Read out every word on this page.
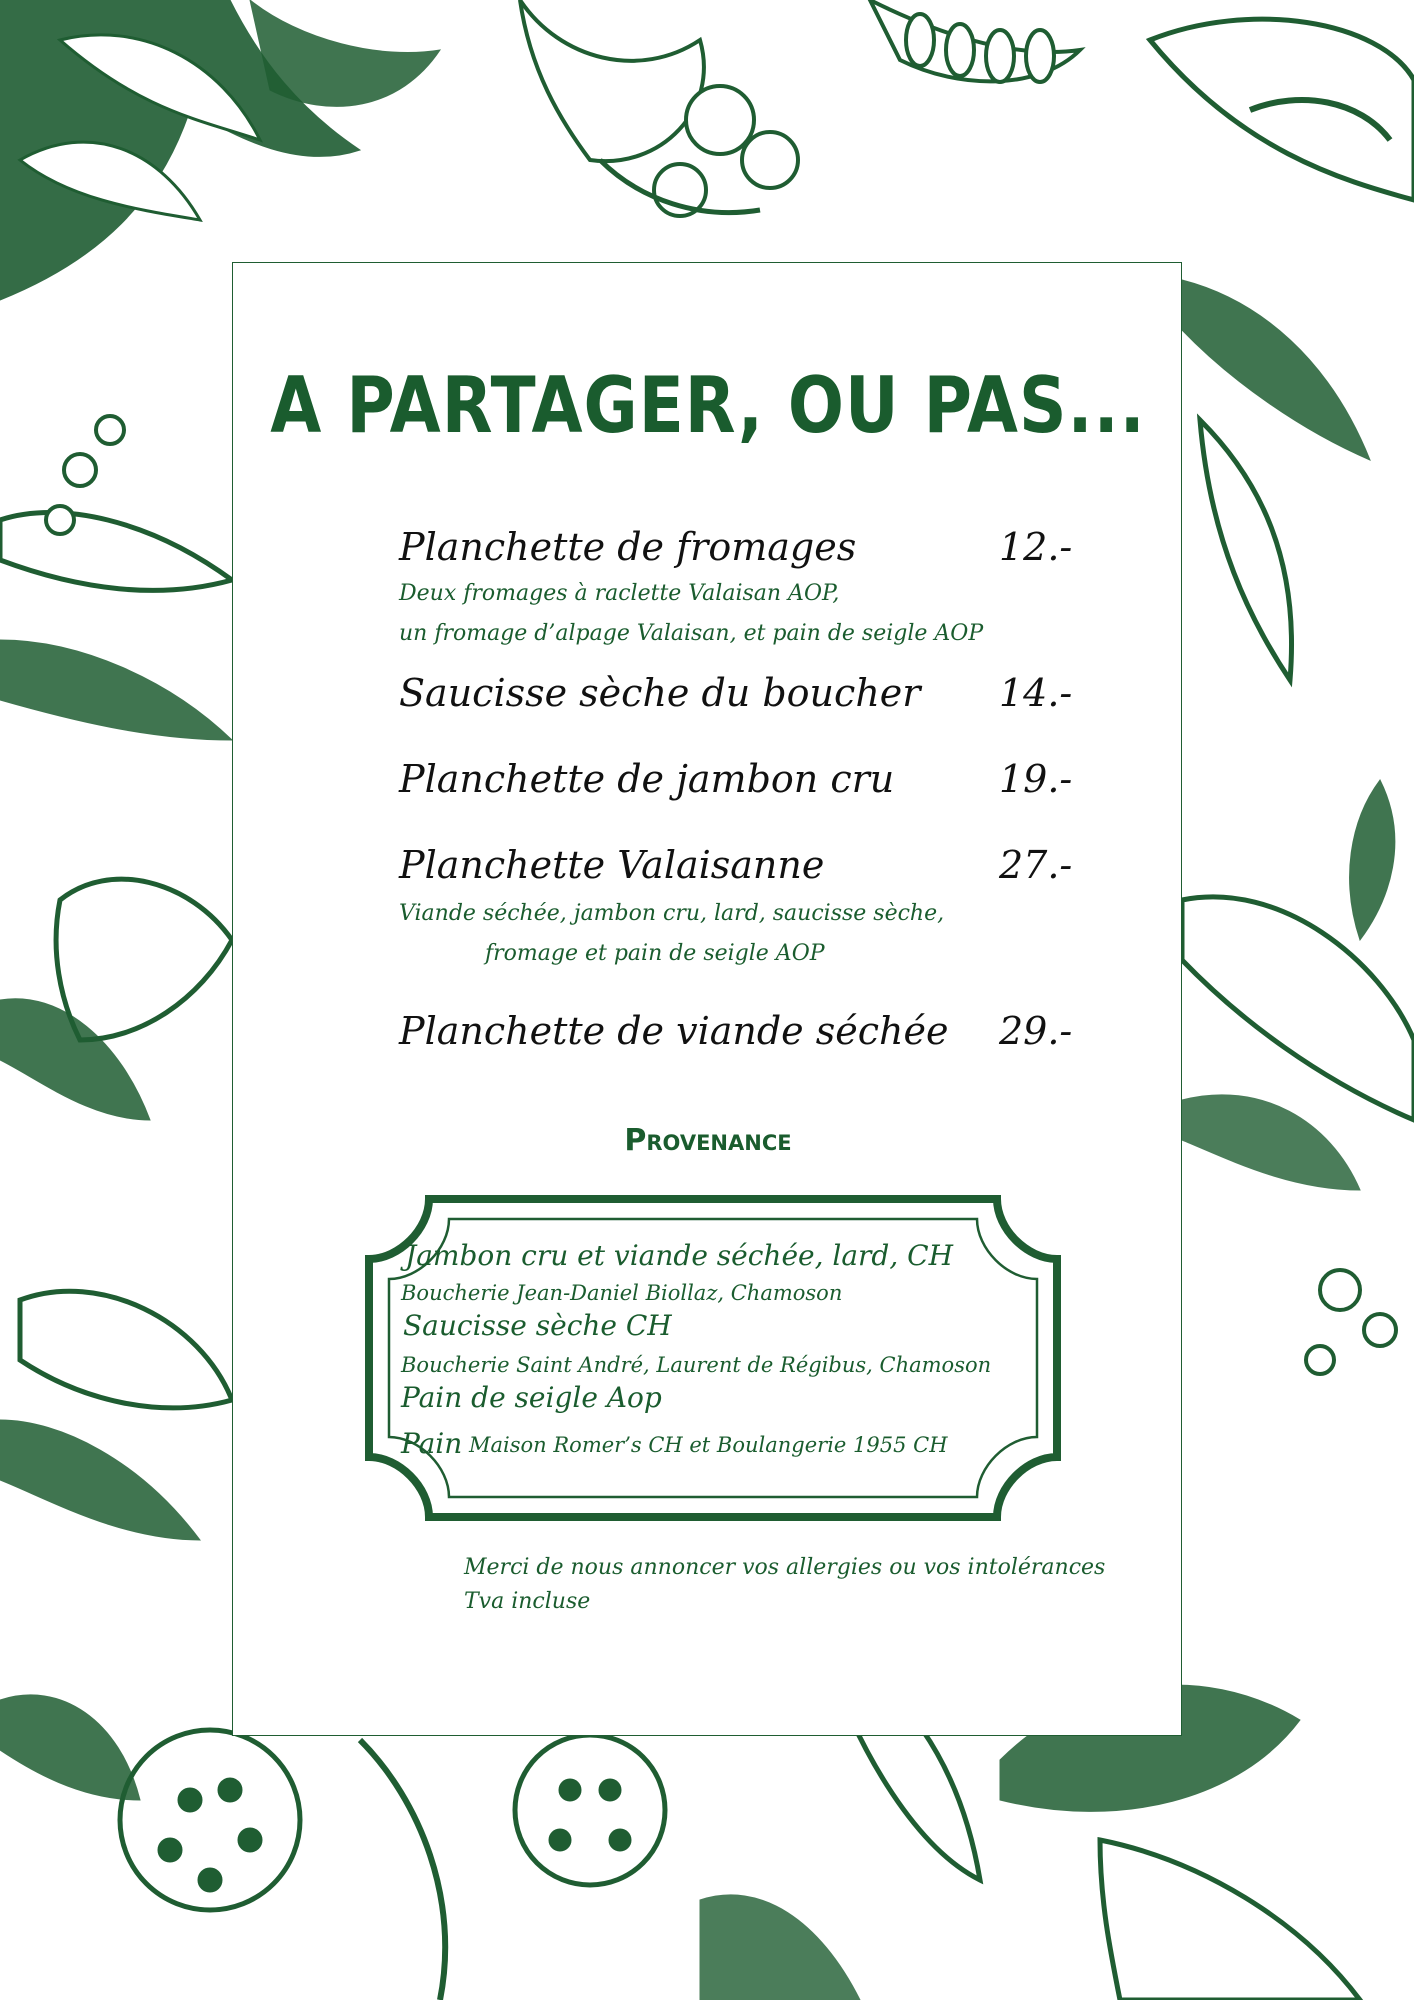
A PARTAGER, OU PAS...
Planchette de fromages	12.-
Deux fromages à raclette Valaisan AOP,
un fromage d’alpage Valaisan, et pain de seigle AOP
Saucisse sèche du boucher 14.-
Planchette de jambon cru	19.-
Planchette Valaisanne	27.-
Viande séchée, jambon cru, lard, saucisse sèche,
fromage et pain de seigle AOP
Planchette de viande séchée 29.-
Provenance
Jambon cru et viande séchée, lard, CH
Boucherie Jean-Daniel Biollaz, Chamoson
Saucisse sèche CH
Boucherie Saint André, Laurent de Régibus, Chamoson
Pain de seigle Aop
Pain Maison Romer’s CH et Boulangerie 1955 CH
Merci de nous annoncer vos allergies ou vos intolérances
Tva incluse
